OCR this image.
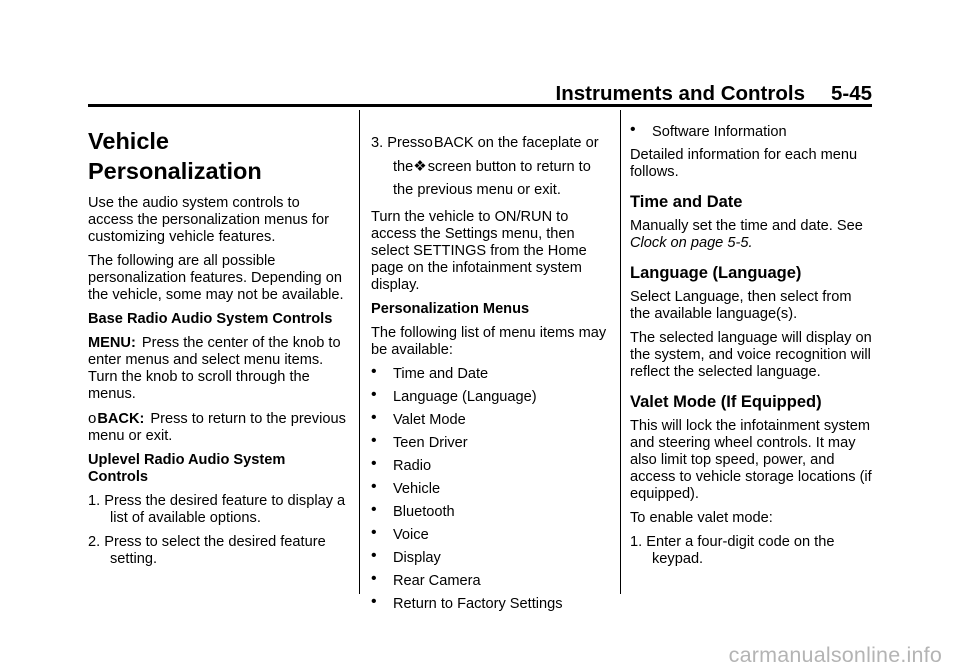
Instruments and Controls 5-45
Vehicle
Personalization

Use the audio system controls to access the personalization menus for customizing vehicle features.

The following are all possible personalization features. Depending on the vehicle, some may not be available.

Base Radio Audio System Controls

MENU: Press the center of the knob to enter menus and select menu items. Turn the knob to scroll through the menus.

oBACK: Press to return to the previous menu or exit.

Uplevel Radio Audio System Controls

1. Press the desired feature to display a list of available options.

2. Press to select the desired feature setting.

3. PressoBACK on the faceplate or the❖screen button to return to the previous menu or exit.

Turn the vehicle to ON/RUN to access the Settings menu, then select SETTINGS from the Home page on the infotainment system display.

Personalization Menus

The following list of menu items may be available:

• Time and Date

• Language (Language)

• Valet Mode

• Teen Driver

• Radio

• Vehicle

• Bluetooth

• Voice

• Display

• Rear Camera

• Return to Factory Settings

• Software Information

Detailed information for each menu follows.

Time and Date

Manually set the time and date. See Clock on page 5-5.

Language (Language)

Select Language, then select from the available language(s).

The selected language will display on the system, and voice recognition will reflect the selected language.

Valet Mode (If Equipped)

This will lock the infotainment system and steering wheel controls. It may also limit top speed, power, and access to vehicle storage locations (if equipped).

To enable valet mode:

1. Enter a four-digit code on the keypad.

carmanualsonline.info
